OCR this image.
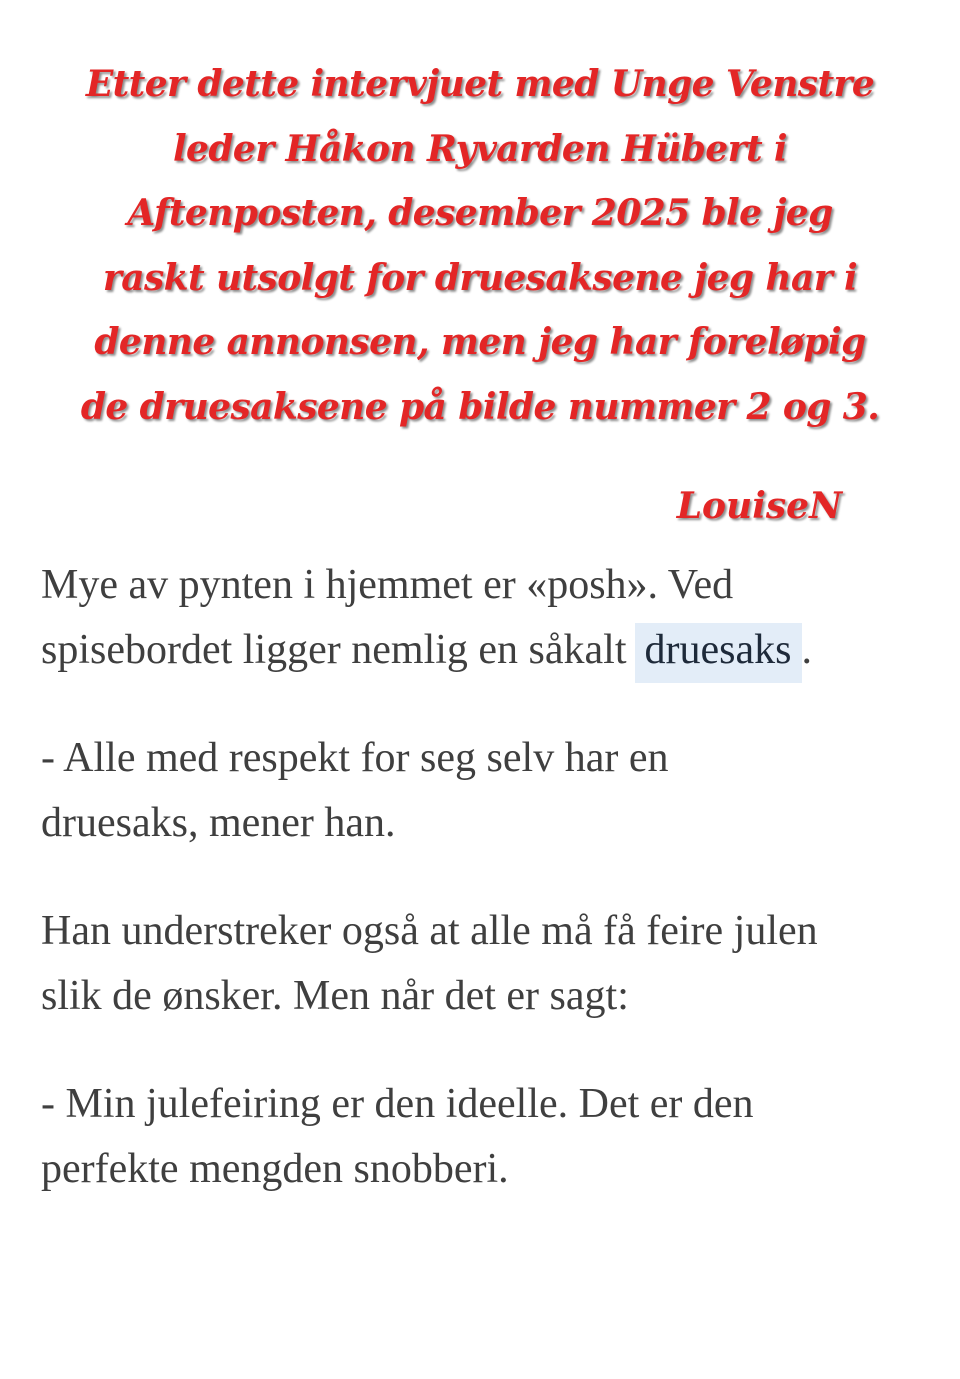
Etter dette intervjuet med Unge Venstre
leder Håkon Ryvarden Hübert i
Aftenposten, desember 2025 ble jeg
raskt utsolgt for druesaksene jeg har i
denne annonsen, men jeg har foreløpig
de druesaksene på bilde nummer 2 og 3.

LouiseN

Mye av pynten i hjemmet er «posh». Ved
spisebordet ligger nemlig en såkalt druesaks .

- Alle med respekt for seg selv har en
druesaks, mener han.

Han understreker også at alle må få feire julen
slik de ønsker. Men når det er sagt:

- Min julefeiring er den ideelle. Det er den
perfekte mengden snobberi.
